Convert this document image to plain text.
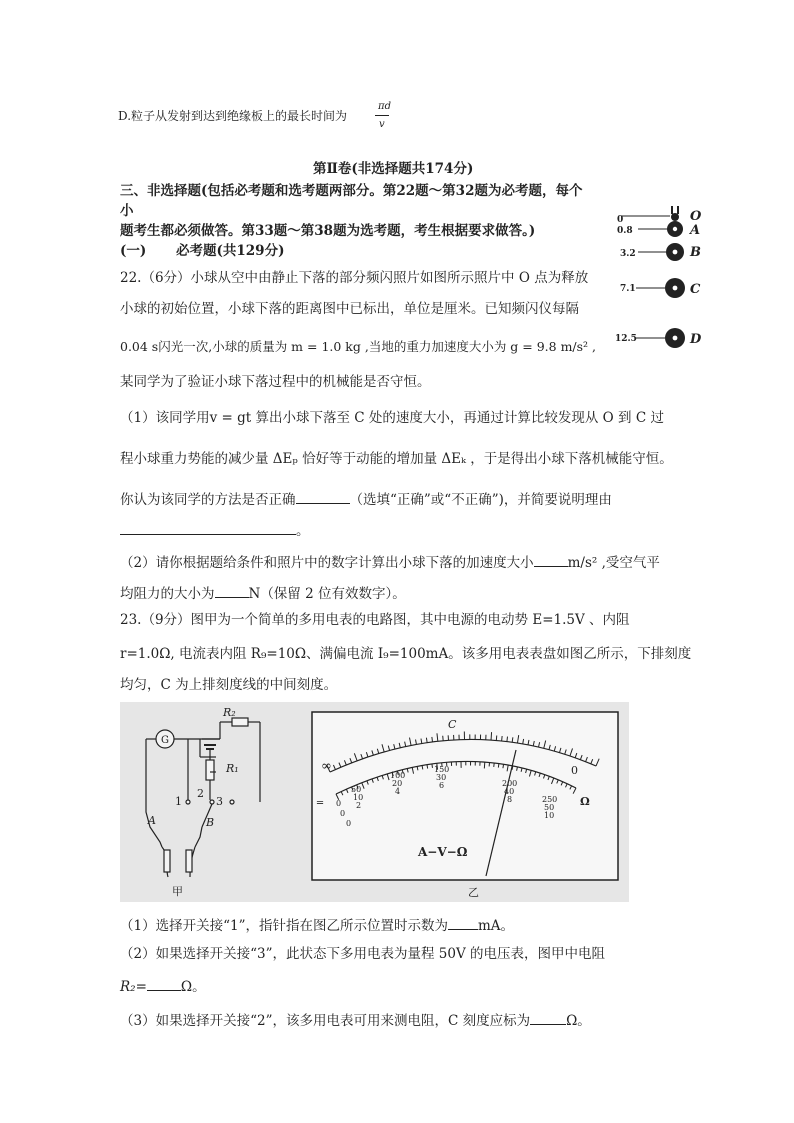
D.粒子从发射到达到绝缘板上的最长时间为
πd
v
第Ⅱ卷(非选择题共174分)
三、非选择题(包括必考题和选考题两部分。第22题～第32题为必考题，每个
小
题考生都必须做答。第33题～第38题为选考题，考生根据要求做答。)
(一) 必考题(共129分)
22.（6分）小球从空中由静止下落的部分频闪照片如图所示照片中 O 点为释放
小球的初始位置，小球下落的距离图中已标出，单位是厘米。已知频闪仪每隔
0.04 s闪光一次,小球的质量为 m = 1.0 kg ,当地的重力加速度大小为 g = 9.8 m/s² ,
某同学为了验证小球下落过程中的机械能是否守恒。
（1）该同学用v = gt 算出小球下落至 C 处的速度大小，再通过计算比较发现从 O 到 C 过
程小球重力势能的减少量 ΔEₚ 恰好等于动能的增加量 ΔEₖ ，于是得出小球下落机械能守恒。
你认为该同学的方法是否正确	（选填“正确”或“不正确”)，并简要说明理由
。
（2）请你根据题给条件和照片中的数字计算出小球下落的加速度大小	m/s² ,受空气平
均阻力的大小为	N（保留 2 位有效数字）。
0	O
0.8	A
3.2	B
7.1	C
12.5	D
23.（9分）图甲为一个简单的多用电表的电路图，其中电源的电动势 E=1.5V 、内阻
r=1.0Ω, 电流表内阻 R₉=10Ω、满偏电流 I₉=100mA。该多用电表表盘如图乙所示，下排刻度
均匀，C 为上排刻度线的中间刻度。
G
R₂
R₁
1
2
3
A	B
甲
C
∞	0
Ω
═
A−V−Ω
50
100
150
200
250
10
20
30
40
50
2
4
6
8
10
0
0
0
乙
（1）选择开关接“1”，指针指在图乙所示位置时示数为 mA。
（2）如果选择开关接“3”，此状态下多用电表为量程 50V 的电压表，图甲中电阻
R₂=	Ω。
（3）如果选择开关接“2”，该多用电表可用来测电阻，C 刻度应标为	Ω。
